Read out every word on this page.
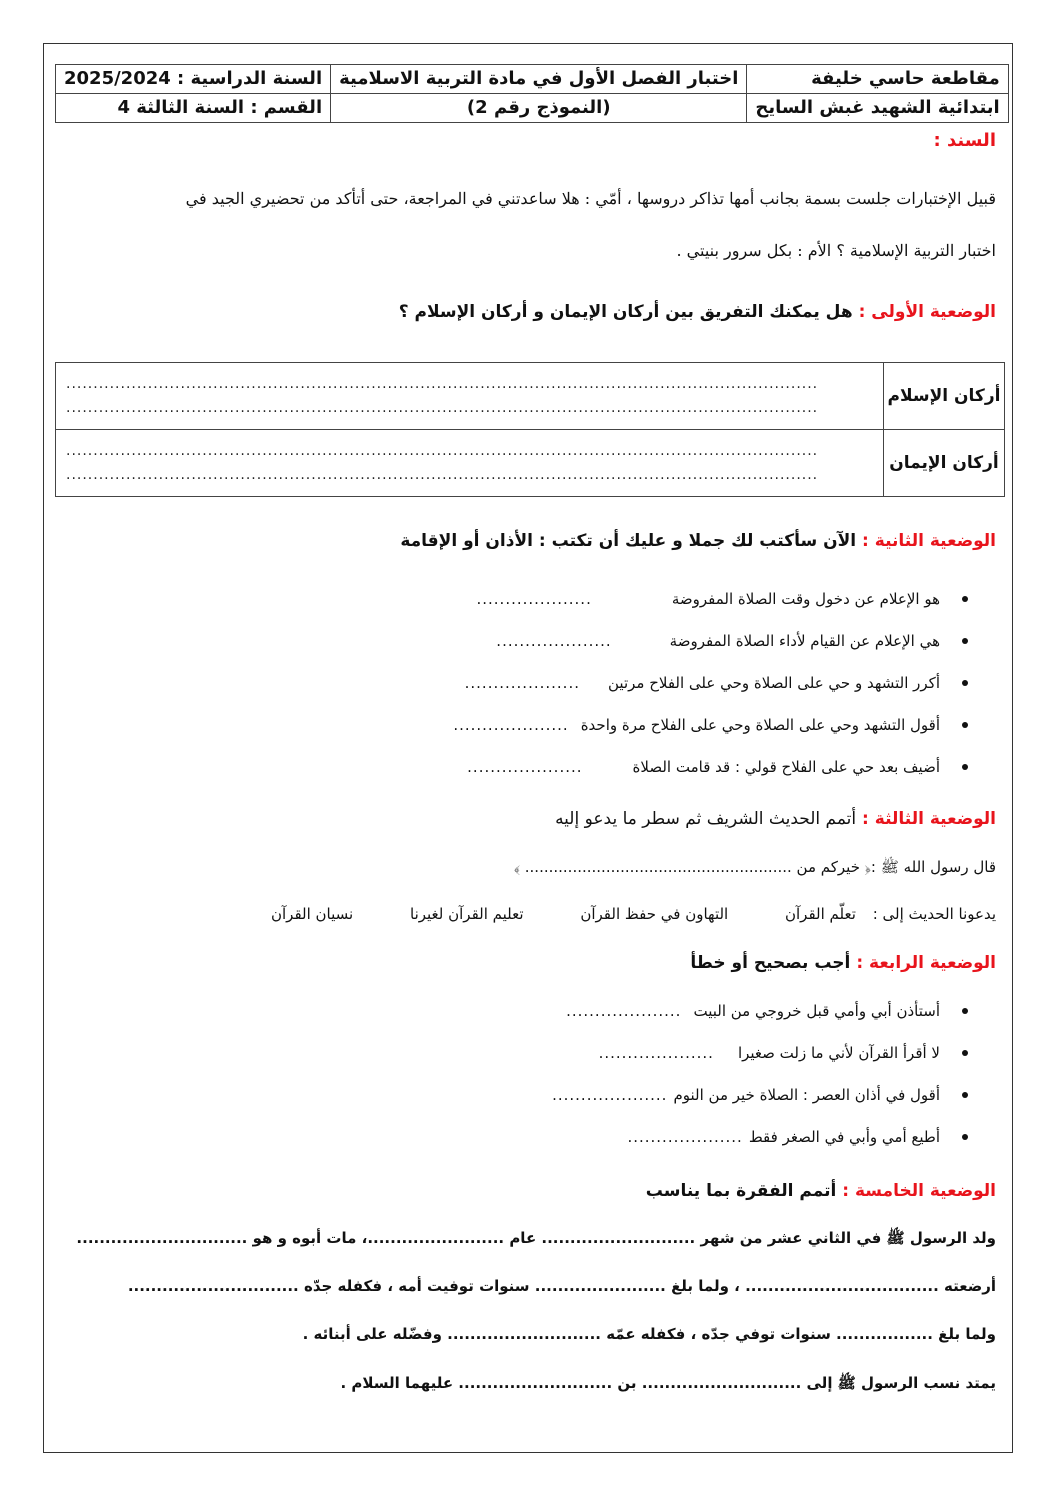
مقاطعة حاسي خليفة	اختبار الفصل الأول في مادة التربية الاسلامية	السنة الدراسية : 2025/2024
ابتدائية الشهيد غبش السايح	(النموذج رقم 2)	القسم : السنة الثالثة 4
السند :
قبيل الإختبارات جلست بسمة بجانب أمها تذاكر دروسها ، أمّي : هلا ساعدتني في المراجعة، حتى أتأكد من تحضيري الجيد في
اختبار التربية الإسلامية ؟ الأم : بكل سرور بنيتي .
الوضعية الأولى : هل يمكنك التفريق بين أركان الإيمان و أركان الإسلام ؟
أركان الإسلام	..........................................................................................................................................
..........................................................................................................................................

أركان الإيمان	..........................................................................................................................................
..........................................................................................................................................
الوضعية الثانية : الآن سأكتب لك جملا و عليك أن تكتب : الأذان أو الإقامة
هو الإعلام عن دخول وقت الصلاة المفروضة
....................
هي الإعلام عن القيام لأداء الصلاة المفروضة
....................
أكرر التشهد و حي على الصلاة وحي على الفلاح مرتين
....................
أقول التشهد وحي على الصلاة وحي على الفلاح مرة واحدة
....................
أضيف بعد حي على الفلاح قولي : قد قامت الصلاة
....................
الوضعية الثالثة : أتمم الحديث الشريف ثم سطر ما يدعو إليه
قال رسول الله ﷺ :﴿ خيركم من ........................................................ ﴾
يدعونا الحديث إلى : تعلّم القرآن التهاون في حفظ القرآن تعليم القرآن لغيرنا نسيان القرآن
الوضعية الرابعة : أجب بصحيح أو خطأ
أستأذن أبي وأمي قبل خروجي من البيت
....................
لا أقرأ القرآن لأني ما زلت صغيرا
....................
أقول في أذان العصر : الصلاة خير من النوم
....................
أطيع أمي وأبي في الصغر فقط
....................
الوضعية الخامسة : أتمم الفقرة بما يناسب
ولد الرسول ﷺ في الثاني عشر من شهر ........................... عام ........................، مات أبوه و هو ..............................
أرضعته .................................. ، ولما بلغ ....................... سنوات توفيت أمه ، فكفله جدّه ..............................
ولما بلغ ................. سنوات توفي جدّه ، فكفله عمّه ........................... وفضّله على أبنائه .
يمتد نسب الرسول ﷺ إلى ............................ بن ........................... عليهما السلام .
